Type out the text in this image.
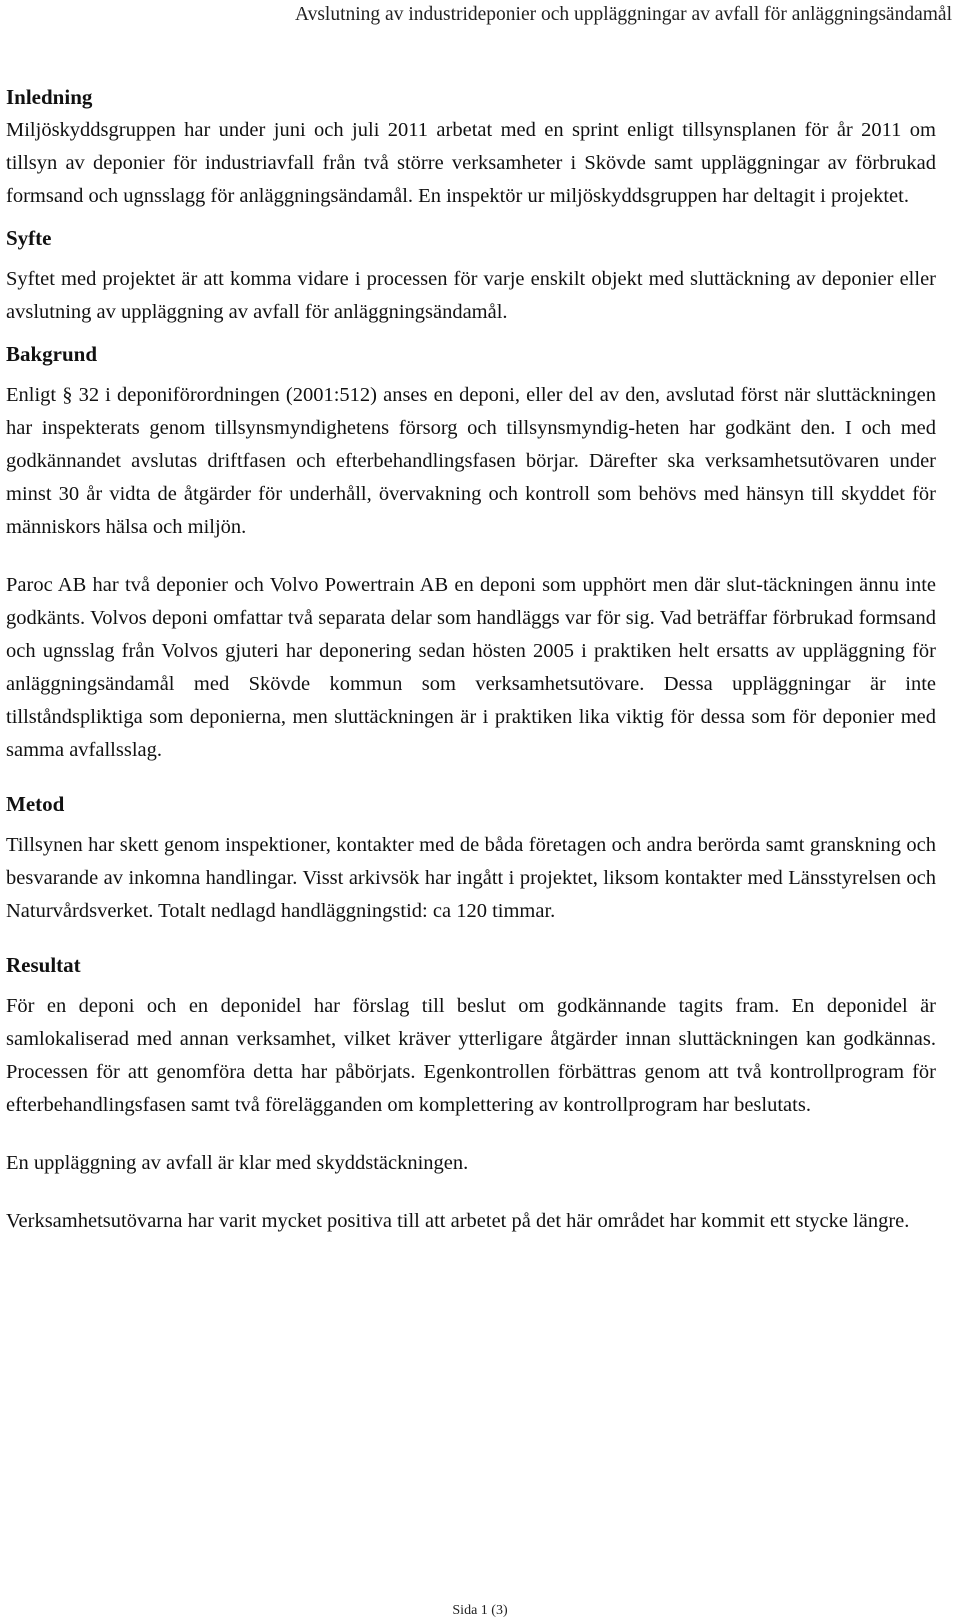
Avslutning av industrideponier och uppläggningar av avfall för anläggningsändamål
Inledning

Miljöskyddsgruppen har under juni och juli 2011 arbetat med en sprint enligt tillsynsplanen för år 2011 om tillsyn av deponier för industriavfall från två större verksamheter i Skövde samt uppläggningar av förbrukad formsand och ugnsslagg för anläggningsändamål. En inspektör ur miljöskyddsgruppen har deltagit i projektet.

Syfte

Syftet med projektet är att komma vidare i processen för varje enskilt objekt med sluttäckning av deponier eller avslutning av uppläggning av avfall för anläggningsändamål.

Bakgrund

Enligt § 32 i deponiförordningen (2001:512) anses en deponi, eller del av den, avslutad först när sluttäckningen har inspekterats genom tillsynsmyndighetens försorg och tillsynsmyndig-heten har godkänt den. I och med godkännandet avslutas driftfasen och efterbehandlingsfasen börjar. Därefter ska verksamhetsutövaren under minst 30 år vidta de åtgärder för underhåll, övervakning och kontroll som behövs med hänsyn till skyddet för människors hälsa och miljön.

Paroc AB har två deponier och Volvo Powertrain AB en deponi som upphört men där slut-täckningen ännu inte godkänts. Volvos deponi omfattar två separata delar som handläggs var för sig. Vad beträffar förbrukad formsand och ugnsslag från Volvos gjuteri har deponering sedan hösten 2005 i praktiken helt ersatts av uppläggning för anläggningsändamål med Skövde kommun som verksamhetsutövare. Dessa uppläggningar är inte tillståndspliktiga som deponierna, men sluttäckningen är i praktiken lika viktig för dessa som för deponier med samma avfallsslag.

Metod

Tillsynen har skett genom inspektioner, kontakter med de båda företagen och andra berörda samt granskning och besvarande av inkomna handlingar. Visst arkivsök har ingått i projektet, liksom kontakter med Länsstyrelsen och Naturvårdsverket. Totalt nedlagd handläggningstid: ca 120 timmar.

Resultat

För en deponi och en deponidel har förslag till beslut om godkännande tagits fram. En deponidel är samlokaliserad med annan verksamhet, vilket kräver ytterligare åtgärder innan sluttäckningen kan godkännas. Processen för att genomföra detta har påbörjats. Egenkontrollen förbättras genom att två kontrollprogram för efterbehandlingsfasen samt två förelägganden om komplettering av kontrollprogram har beslutats.

En uppläggning av avfall är klar med skyddstäckningen.

Verksamhetsutövarna har varit mycket positiva till att arbetet på det här området har kommit ett stycke längre.

Sida 1 (3)
